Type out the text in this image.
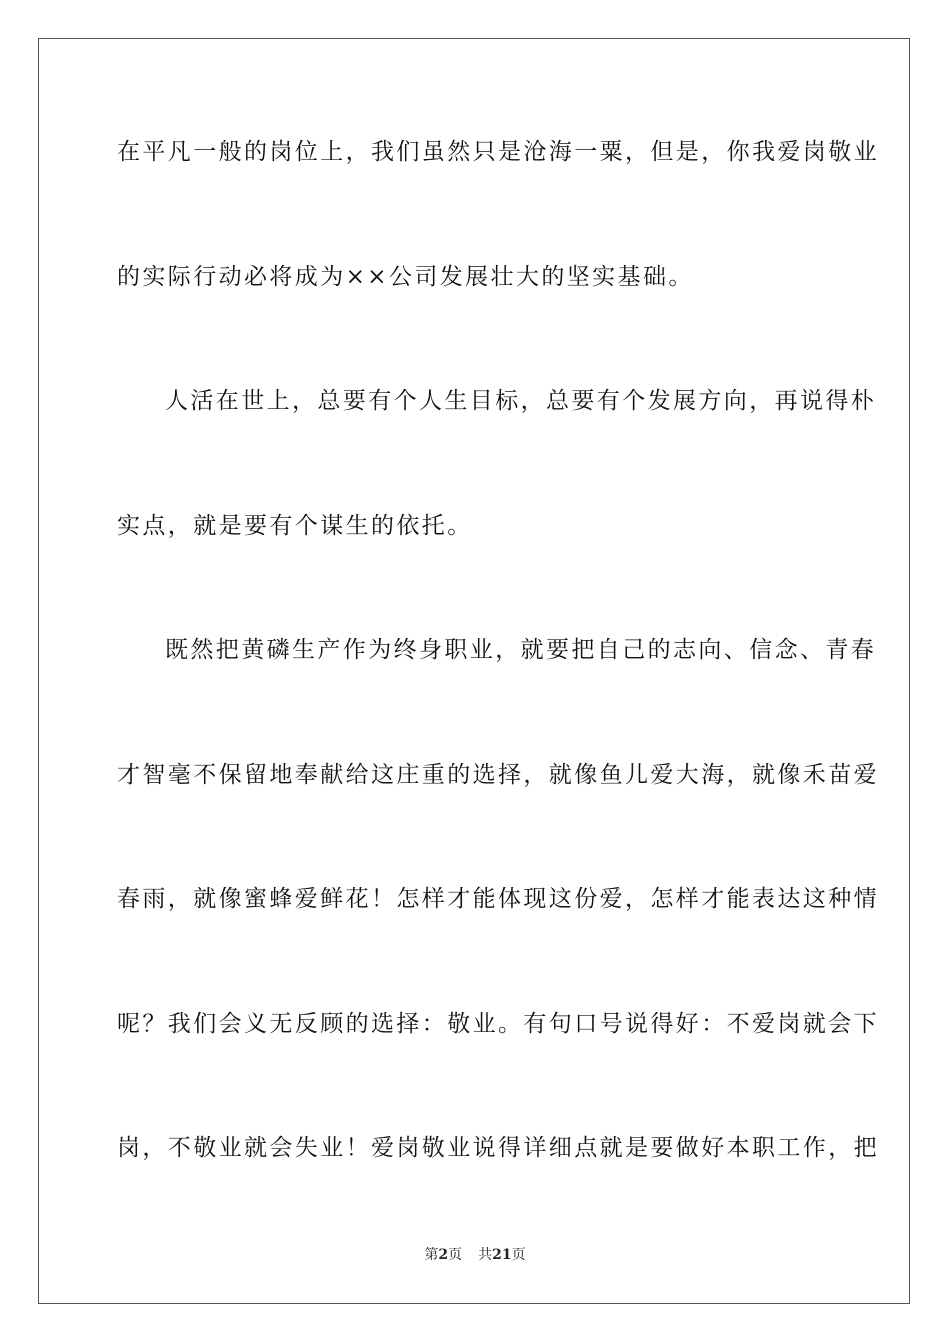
在平凡一般的岗位上，我们虽然只是沧海一粟，但是，你我爱岗敬业
的实际行动必将成为××公司发展壮大的坚实基础。
人活在世上，总要有个人生目标，总要有个发展方向，再说得朴
实点，就是要有个谋生的依托。
既然把黄磷生产作为终身职业，就要把自己的志向、信念、青春
才智毫不保留地奉献给这庄重的选择，就像鱼儿爱大海，就像禾苗爱
春雨，就像蜜蜂爱鲜花！怎样才能体现这份爱，怎样才能表达这种情
呢？我们会义无反顾的选择：敬业。有句口号说得好：不爱岗就会下
岗，不敬业就会失业！爱岗敬业说得详细点就是要做好本职工作，把
第2页 共21页
